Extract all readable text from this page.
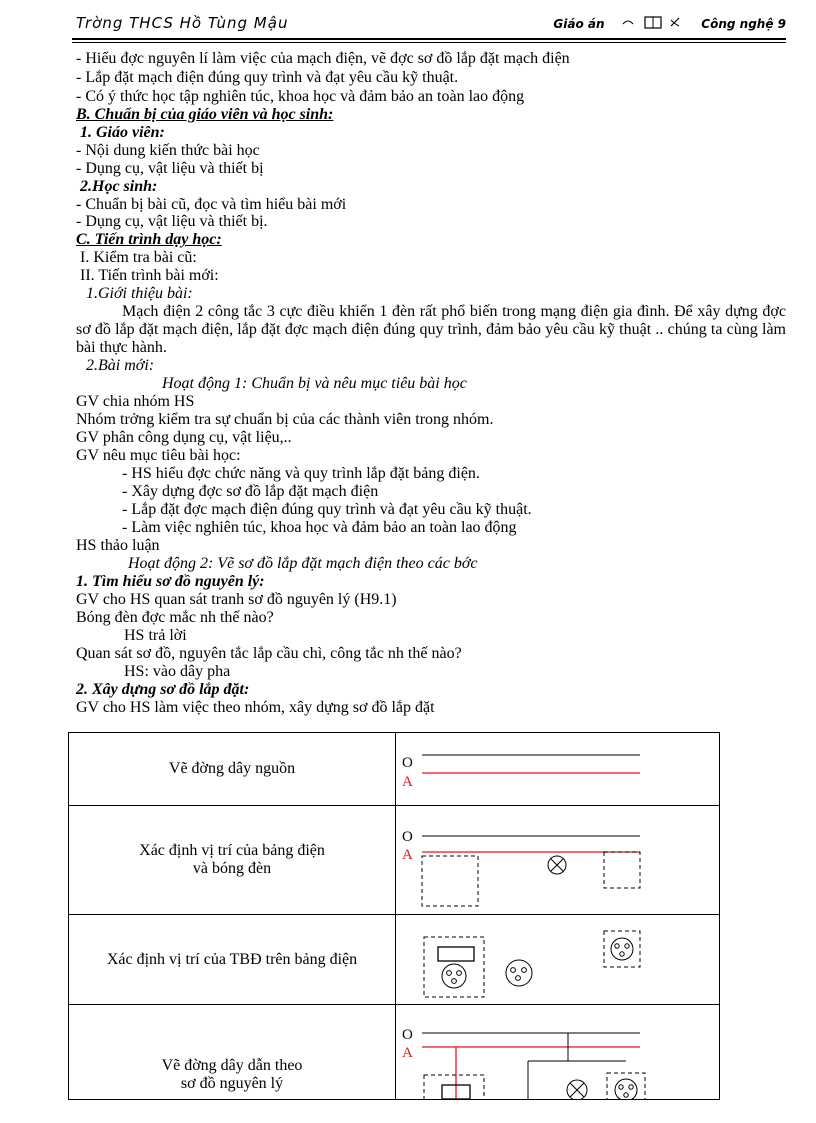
Trờng THCS Hồ Tùng Mậu	Giáo án	Công nghệ 9
- Hiểu đợc nguyên lí làm việc của mạch điện, vẽ đợc sơ đồ lắp đặt mạch điện
- Lắp đặt mạch điện đúng quy trình và đạt yêu cầu kỹ thuật.
- Có ý thức học tập nghiên túc, khoa học và đảm bảo an toàn lao động
B. Chuẩn bị của giáo viên và học sinh:
1. Giáo viên:
- Nội dung kiến thức bài học
- Dụng cụ, vật liệu và thiết bị
2.Học sinh:
- Chuẩn bị bài cũ, đọc và tìm hiểu bài mới
- Dụng cụ, vật liệu và thiết bị.
C. Tiến trình dạy học:
I. Kiểm tra bài cũ:
II. Tiến trình bài mới:
1.Giới thiệu bài:
Mạch điện 2 công tắc 3 cực điều khiển 1 đèn rất phổ biến trong mạng điện gia đình. Để xây dựng đợc sơ đồ lắp đặt mạch điện, lắp đặt đợc mạch điện đúng quy trình, đảm bảo yêu cầu kỹ thuật .. chúng ta cùng làm bài thực hành.
2.Bài mới:
Hoạt động 1: Chuẩn bị và nêu mục tiêu bài học
GV chia nhóm HS
Nhóm trởng kiểm tra sự chuẩn bị của các thành viên trong nhóm.
GV phân công dụng cụ, vật liệu,..
GV nêu mục tiêu bài học:
- HS hiểu đợc chức năng và quy trình lắp đặt bảng điện.
- Xây dựng đợc sơ đồ lắp đặt mạch điện
- Lắp đặt đợc mạch điện đúng quy trình và đạt yêu cầu kỹ thuật.
- Làm việc nghiên túc, khoa học và đảm bảo an toàn lao động
HS thảo luận
Hoạt động 2: Vẽ sơ đồ lắp đặt mạch điện theo các bớc
1. Tìm hiểu sơ đồ nguyên lý:
GV cho HS quan sát tranh sơ đồ nguyên lý (H9.1)
Bóng đèn đợc mắc nh thế nào?
HS trả lời
Quan sát sơ đồ, nguyên tắc lắp cầu chì, công tắc nh thế nào?
HS: vào dây pha
2. Xây dựng sơ đồ lắp đặt:
GV cho HS làm việc theo nhóm, xây dựng sơ đồ lắp đặt
Vẽ đờng dây nguồn	O
A

Xác định vị trí của bảng điện
và bóng đèn	O
A

Xác định vị trí của TBĐ trên bảng điện	

Vẽ đờng dây dẫn theo
sơ đồ nguyên lý	O
A
